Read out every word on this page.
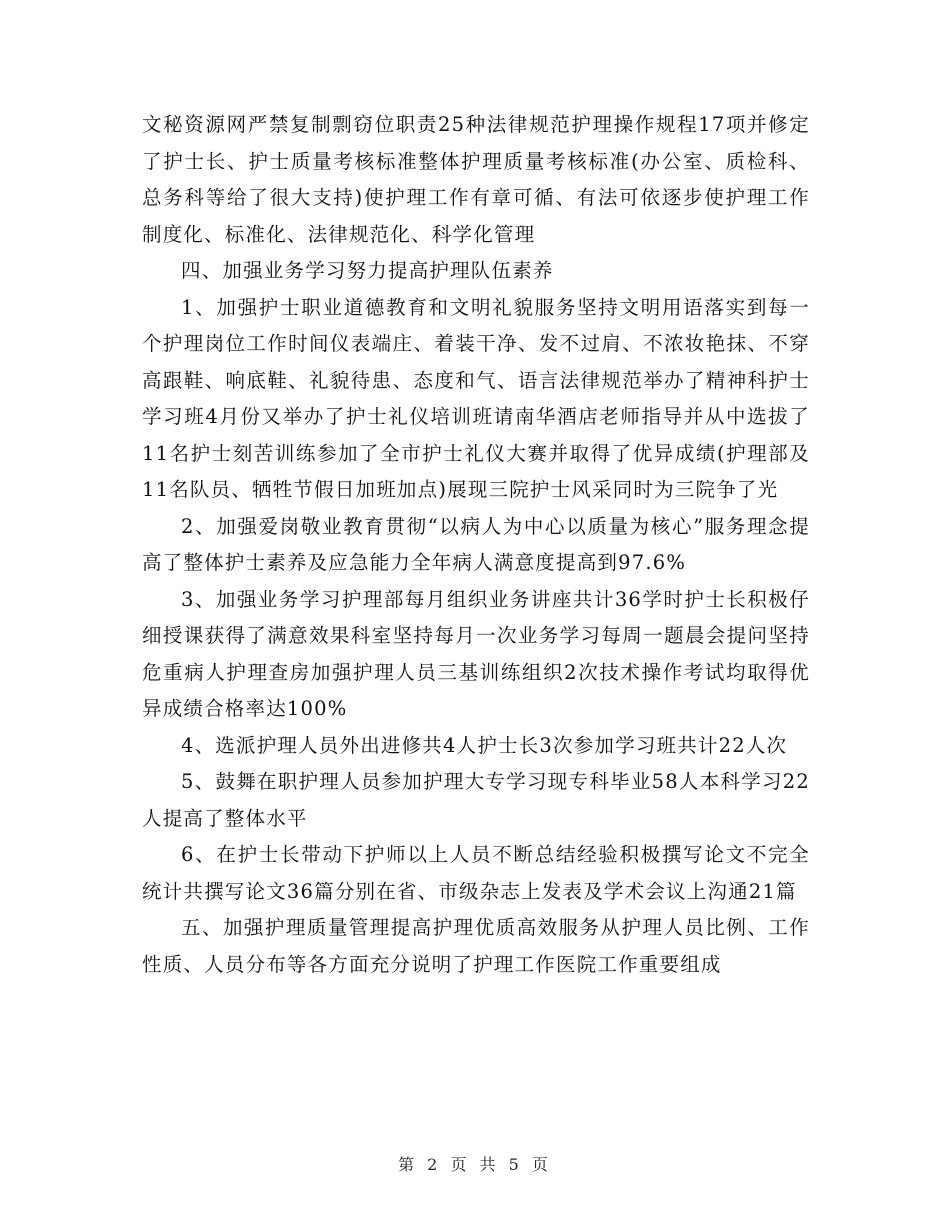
文秘资源网严禁复制剽窃位职责25种法律规范护理操作规程17项并修定了护士长、护士质量考核标准整体护理质量考核标准(办公室、质检科、总务科等给了很大支持)使护理工作有章可循、有法可依逐步使护理工作制度化、标准化、法律规范化、科学化管理

四、加强业务学习努力提高护理队伍素养

1、加强护士职业道德教育和文明礼貌服务坚持文明用语落实到每一个护理岗位工作时间仪表端庄、着装干净、发不过肩、不浓妆艳抹、不穿高跟鞋、响底鞋、礼貌待患、态度和气、语言法律规范举办了精神科护士学习班4月份又举办了护士礼仪培训班请南华酒店老师指导并从中选拔了11名护士刻苦训练参加了全市护士礼仪大赛并取得了优异成绩(护理部及11名队员、牺牲节假日加班加点)展现三院护士风采同时为三院争了光

2、加强爱岗敬业教育贯彻“以病人为中心以质量为核心”服务理念提高了整体护士素养及应急能力全年病人满意度提高到97.6%

3、加强业务学习护理部每月组织业务讲座共计36学时护士长积极仔细授课获得了满意效果科室坚持每月一次业务学习每周一题晨会提问坚持危重病人护理查房加强护理人员三基训练组织2次技术操作考试均取得优异成绩合格率达100%

4、选派护理人员外出进修共4人护士长3次参加学习班共计22人次

5、鼓舞在职护理人员参加护理大专学习现专科毕业58人本科学习22人提高了整体水平

6、在护士长带动下护师以上人员不断总结经验积极撰写论文不完全统计共撰写论文36篇分别在省、市级杂志上发表及学术会议上沟通21篇

五、加强护理质量管理提高护理优质高效服务从护理人员比例、工作性质、人员分布等各方面充分说明了护理工作医院工作重要组成

第 2 页 共 5 页
